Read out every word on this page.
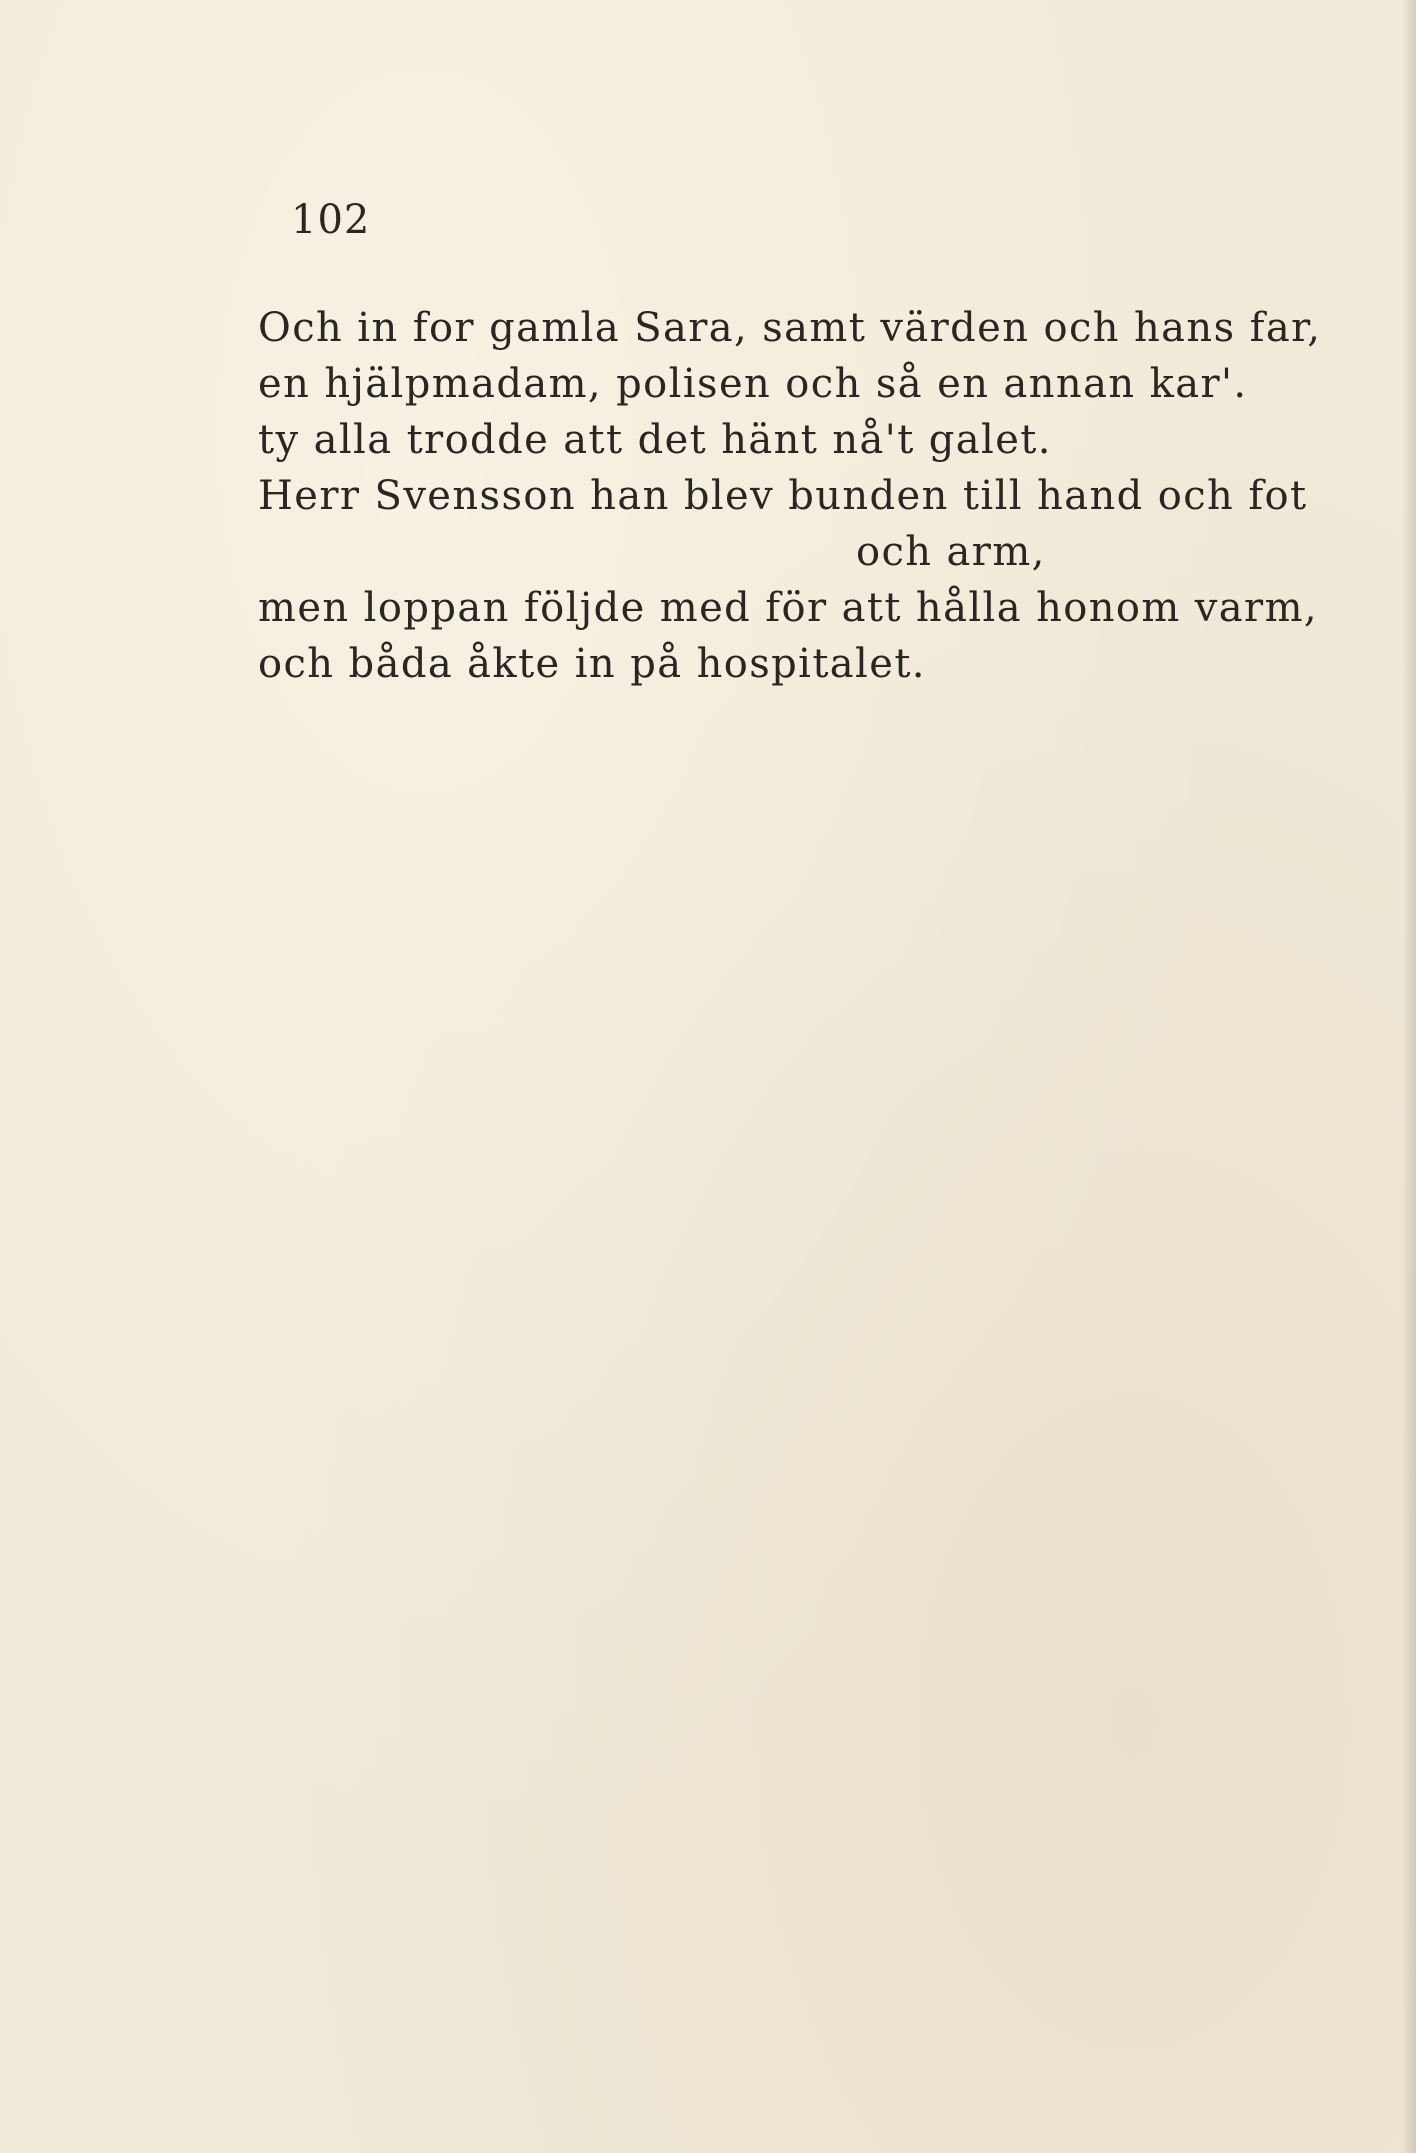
102
Och in for gamla Sara, samt värden och hans far,
en hjälpmadam, polisen och så en annan kar'.
ty alla trodde att det hänt nå't galet.
Herr Svensson han blev bunden till hand och fot
och arm,
men loppan följde med för att hålla honom varm,
och båda åkte in på hospitalet.
